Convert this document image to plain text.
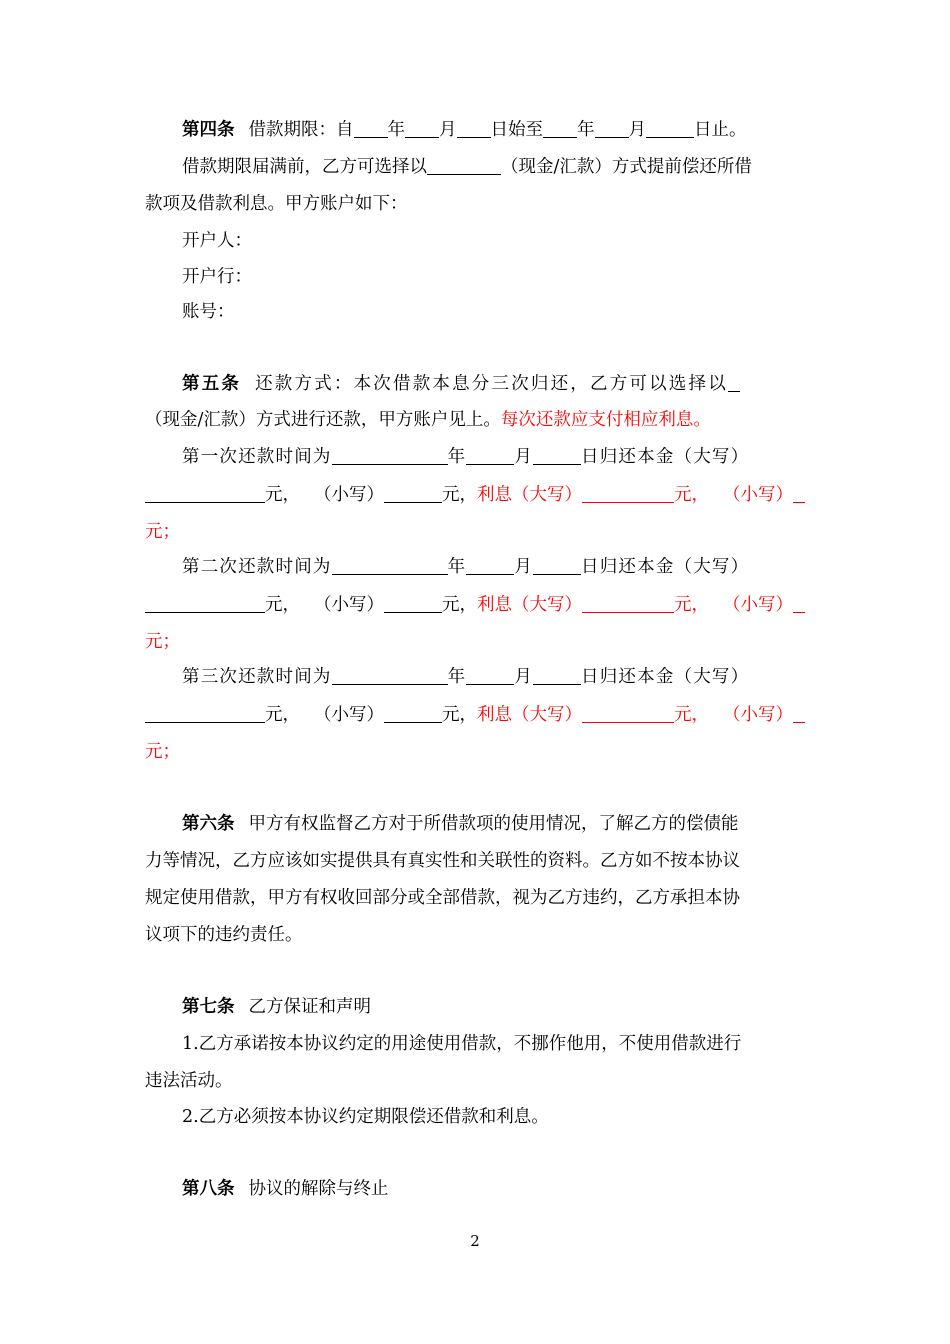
第四条 借款期限：自 年 月 日始至 年 月	日止。
借款期限届满前，乙方可选择以	（现金/汇款）方式提前偿还所借
款项及借款利息。甲方账户如下：
开户人：
开户行：
账号：
第五条 还款方式：本次借款本息分三次归还，乙方可以选择以
（现金/汇款）方式进行还款，甲方账户见上。每次还款应支付相应利息。
第一次还款时间为	年	月	日归还本金（大写）
元， （小写）	元，利息（大写）	元， （小写）
元；
第二次还款时间为	年	月	日归还本金（大写）
元， （小写）	元，利息（大写）	元， （小写）
元；
第三次还款时间为	年	月	日归还本金（大写）
元， （小写）	元，利息（大写）	元， （小写）
元；
第六条 甲方有权监督乙方对于所借款项的使用情况，了解乙方的偿债能
力等情况，乙方应该如实提供具有真实性和关联性的资料。乙方如不按本协议
规定使用借款，甲方有权收回部分或全部借款，视为乙方违约，乙方承担本协
议项下的违约责任。
第七条 乙方保证和声明
1.乙方承诺按本协议约定的用途使用借款，不挪作他用，不使用借款进行
违法活动。
2.乙方必须按本协议约定期限偿还借款和利息。
第八条 协议的解除与终止
2
